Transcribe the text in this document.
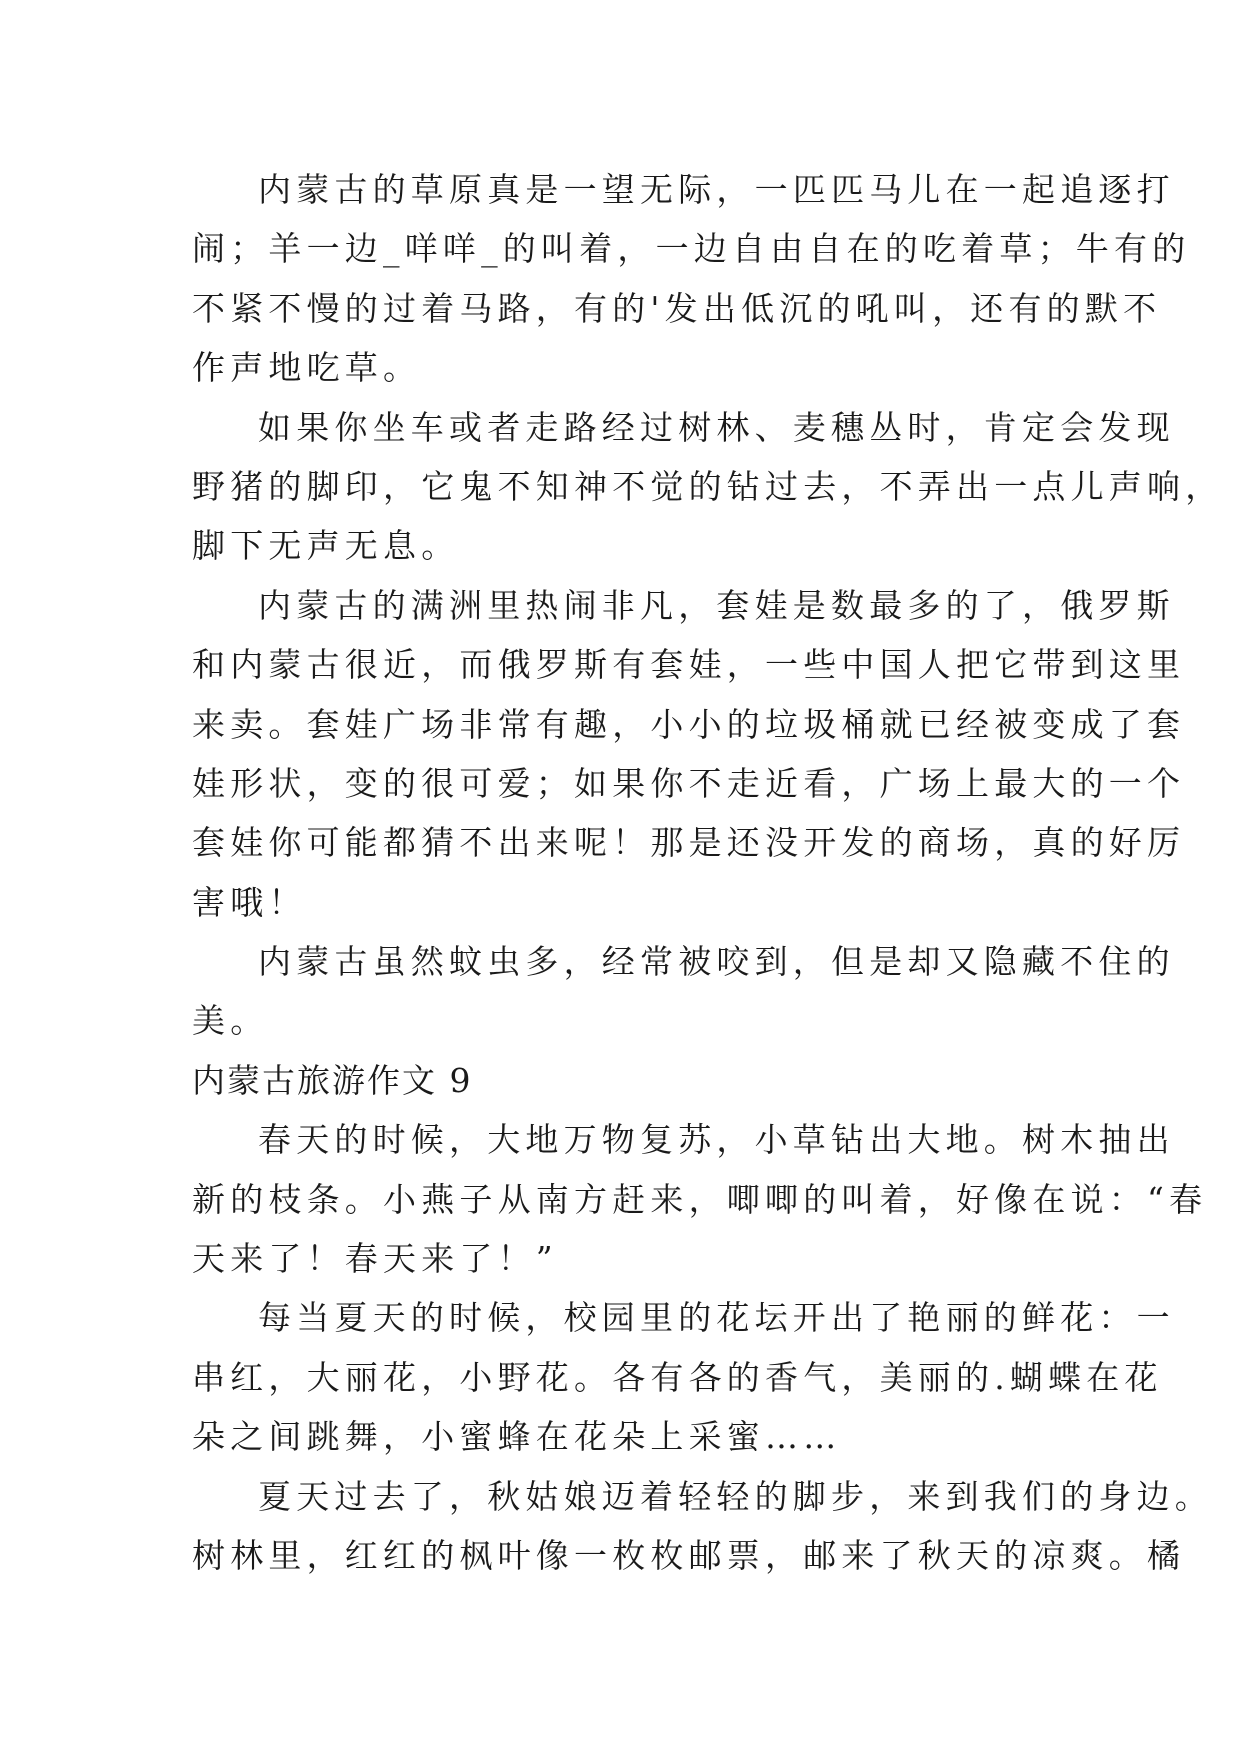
内蒙古的草原真是一望无际，一匹匹马儿在一起追逐打
闹；羊一边_咩咩_的叫着，一边自由自在的吃着草；牛有的
不紧不慢的过着马路，有的'发出低沉的吼叫，还有的默不
作声地吃草。
如果你坐车或者走路经过树林、麦穗丛时，肯定会发现
野猪的脚印，它鬼不知神不觉的钻过去，不弄出一点儿声响，
脚下无声无息。
内蒙古的满洲里热闹非凡，套娃是数最多的了，俄罗斯
和内蒙古很近，而俄罗斯有套娃，一些中国人把它带到这里
来卖。套娃广场非常有趣，小小的垃圾桶就已经被变成了套
娃形状，变的很可爱；如果你不走近看，广场上最大的一个
套娃你可能都猜不出来呢！那是还没开发的商场，真的好厉
害哦！
内蒙古虽然蚊虫多，经常被咬到，但是却又隐藏不住的
美。
内蒙古旅游作文 9
春天的时候，大地万物复苏，小草钻出大地。树木抽出
新的枝条。小燕子从南方赶来，唧唧的叫着，好像在说：“春
天来了！春天来了！”
每当夏天的时候，校园里的花坛开出了艳丽的鲜花：一
串红，大丽花，小野花。各有各的香气，美丽的.蝴蝶在花
朵之间跳舞，小蜜蜂在花朵上采蜜……
夏天过去了，秋姑娘迈着轻轻的脚步，来到我们的身边。
树林里，红红的枫叶像一枚枚邮票，邮来了秋天的凉爽。橘
